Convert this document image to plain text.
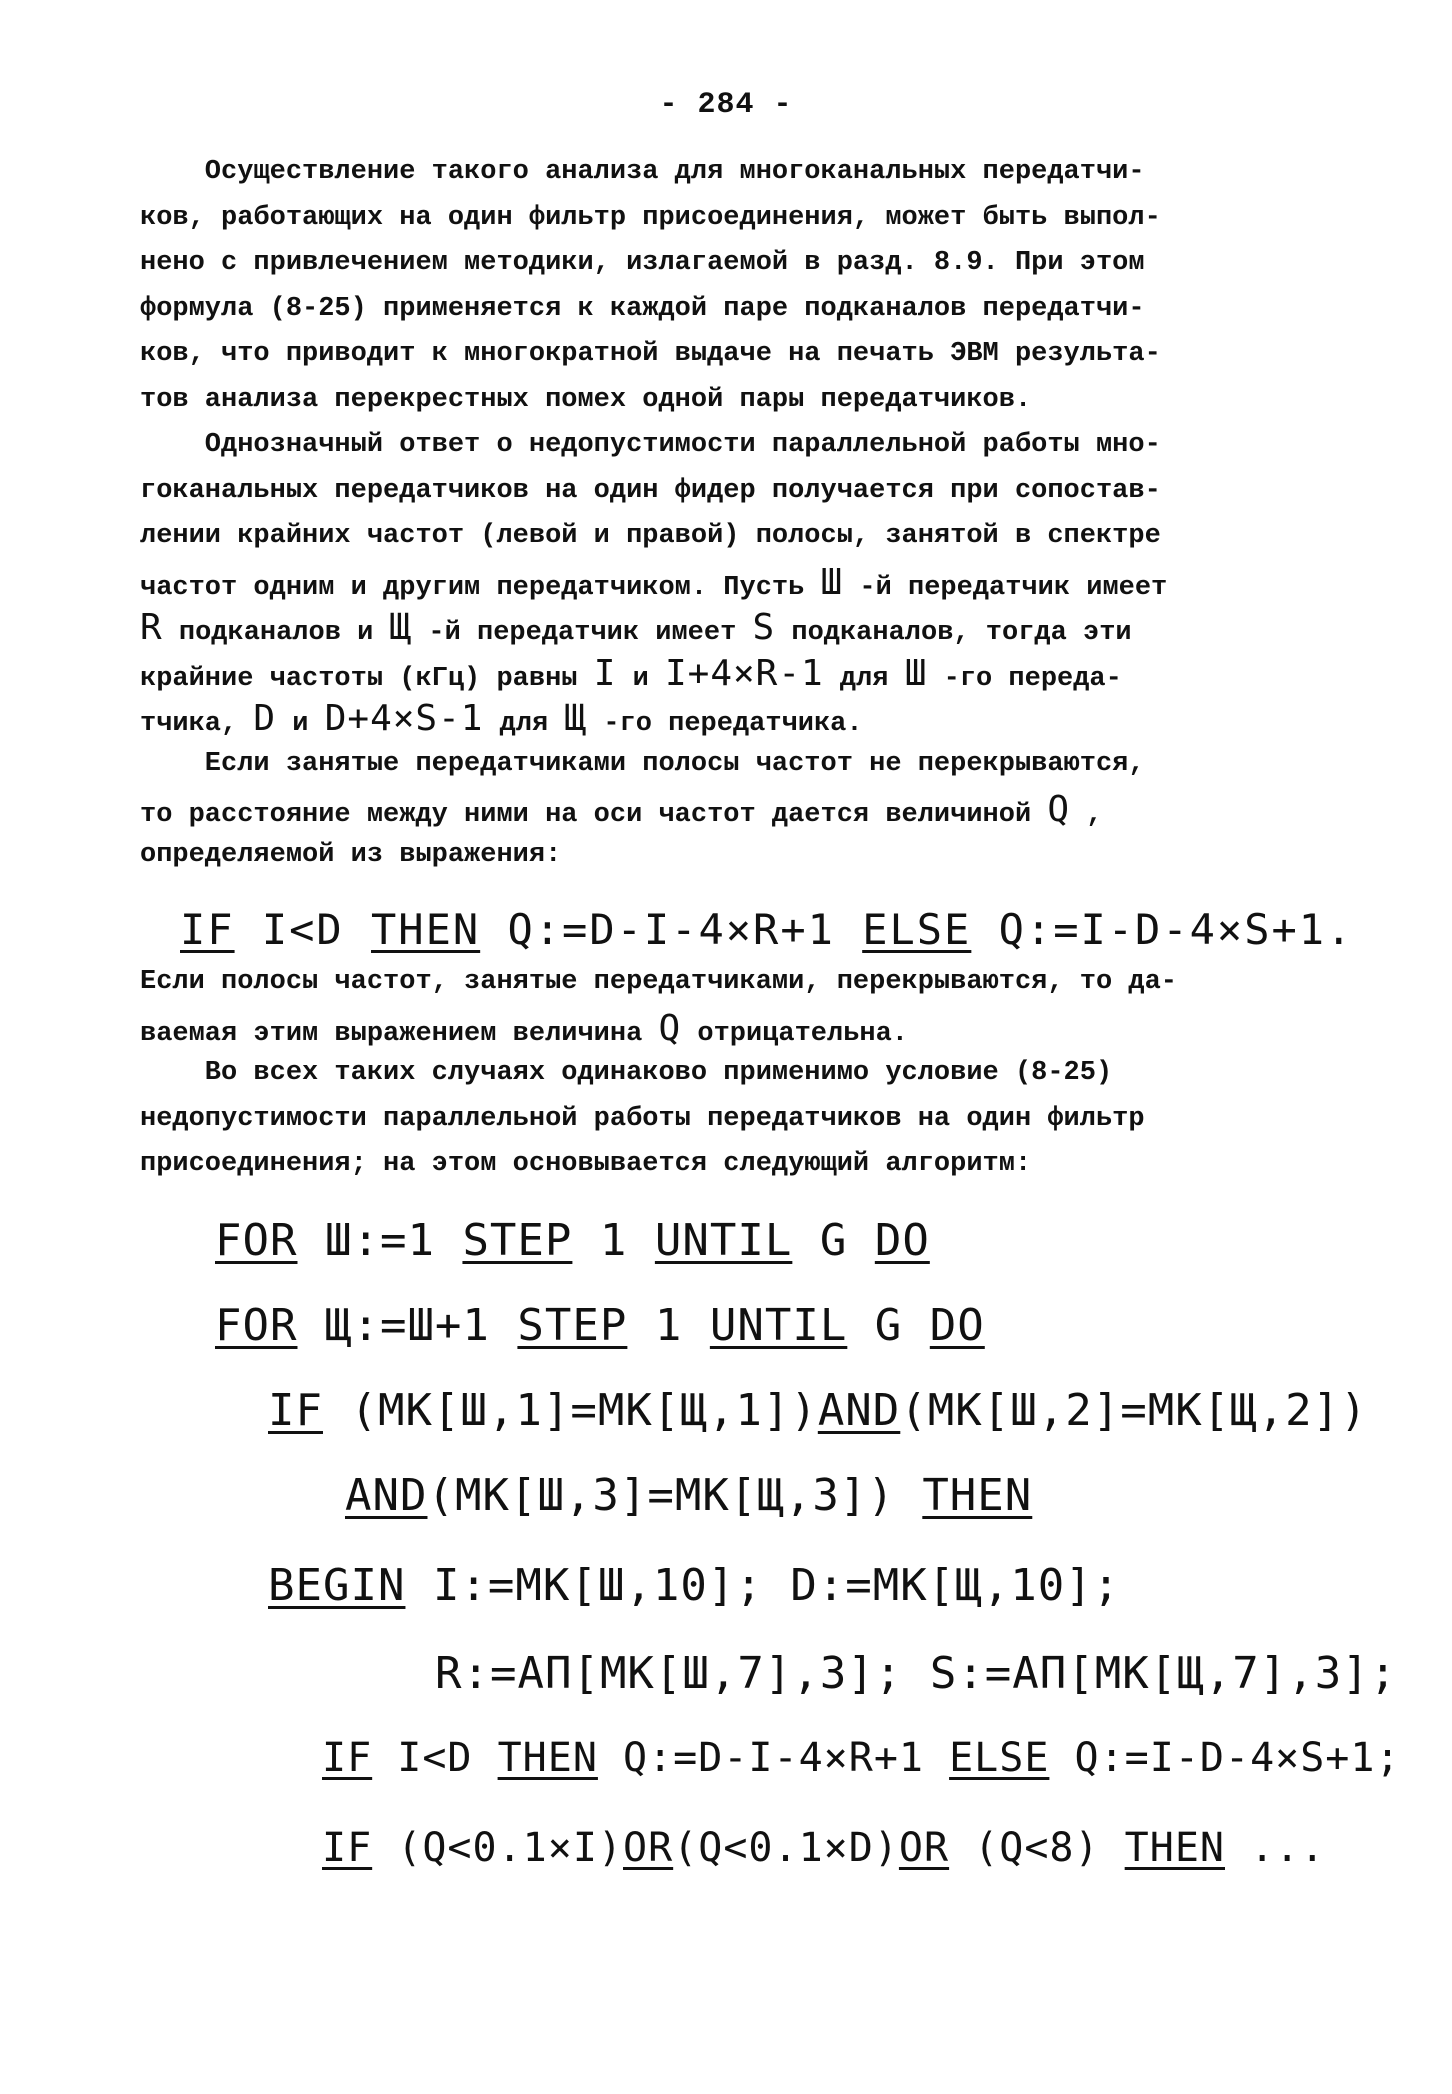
- 284 -
Осуществление такого анализа для многоканальных передатчи-
ков, работающих на один фильтр присоединения, может быть выпол-
нено с привлечением методики, излагаемой в разд. 8.9. При этом
формула (8-25) применяется к каждой паре подканалов передатчи-
ков, что приводит к многократной выдаче на печать ЭВМ результа-
тов анализа перекрестных помех одной пары передатчиков.
Однозначный ответ о недопустимости параллельной работы мно-
гоканальных передатчиков на один фидер получается при сопостав-
лении крайних частот (левой и правой) полосы, занятой в спектре
частот одним и другим передатчиком. Пусть Ш -й передатчик имеет
R подканалов и Щ -й передатчик имеет S подканалов, тогда эти
крайние частоты (кГц) равны I и I+4×R-1 для Ш -го переда-
тчика, D и D+4×S-1 для Щ -го передатчика.
Если занятые передатчиками полосы частот не перекрываются,
то расстояние между ними на оси частот дается величиной Q ,
определяемой из выражения:
Если полосы частот, занятые передатчиками, перекрываются, то да-
ваемая этим выражением величина Q отрицательна.
Во всех таких случаях одинаково применимо условие (8-25)
недопустимости параллельной работы передатчиков на один фильтр
присоединения; на этом основывается следующий алгоритм:
IF I<D THEN Q:=D-I-4×R+1 ELSE Q:=I-D-4×S+1.
FOR Ш:=1 STEP 1 UNTIL G DO
FOR Щ:=Ш+1 STEP 1 UNTIL G DO
IF (MK[Ш,1]=MK[Щ,1])AND(MK[Ш,2]=MK[Щ,2])
AND(MK[Ш,3]=MK[Щ,3]) THEN
BEGIN I:=MK[Ш,10]; D:=MK[Щ,10];
R:=АП[MK[Ш,7],3]; S:=АП[MK[Щ,7],3];
IF I<D THEN Q:=D-I-4×R+1 ELSE Q:=I-D-4×S+1;
IF (Q<0.1×I)OR(Q<0.1×D)OR (Q<8) THEN ...
